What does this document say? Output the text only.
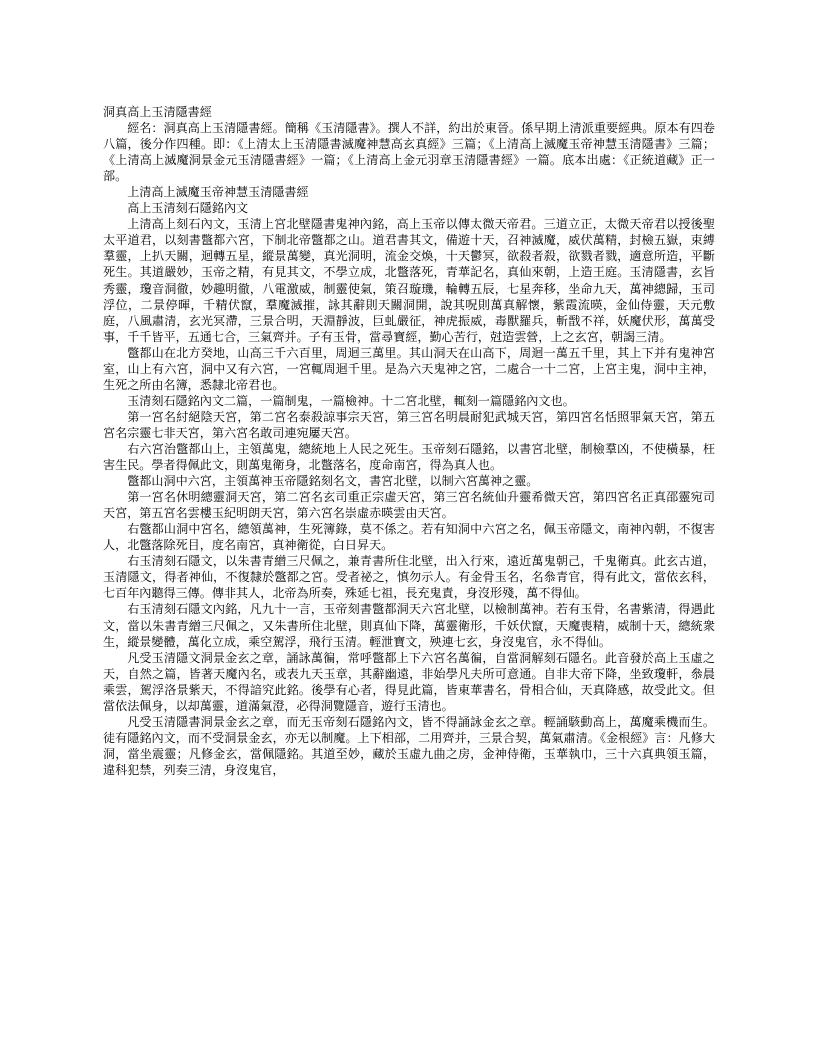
洞真高上玉清隱書經

經名：洞真高上玉清隱書經。簡稱《玉清隱書》。撰人不詳，約出於東晉。係早期上清派重要經典。原本有四卷八篇，後分作四種。即：《上清太上玉清隱書滅魔神慧高玄真經》三篇；《上清高上滅魔玉帝神慧玉清隱書》三篇；《上清高上滅魔洞景金元玉清隱書經》一篇；《上清高上金元羽章玉清隱書經》一篇。底本出處：《正統道藏》正一部。

上清高上滅魔玉帝神慧玉清隱書經

高上玉清刻石隱銘內文

上清高上刻石內文，玉清上宮北壁隱書鬼神內銘，高上玉帝以傳太微天帝君。三道立正，太微天帝君以授後聖太平道君，以刻書鄨都六宮，下制北帝鄨都之山。道君書其文，備遊十天，召神滅魔，威伏萬精，封檢五嶽，束縛羣靈，上扒天關，迴轉五星，縱景萬變，真光洞明，流金交煥，十天鬱冥，欲殺者殺，欲戮者戮，適意所造，平斷死生。其道嚴妙，玉帝之精，有見其文，不學立成，北鄨落死，青華記名，真仙來朝，上造王庭。玉清隱書，玄旨秀靈，瓊音洞徹，妙趣明徹，八電激威，制靈使氣，策召璇璣，輪轉五辰，七星奔移，坐命九天，萬神總歸，玉司浮位，二景停暉，千精伏竄，羣魔滅摧，詠其辭則天關洞開，說其呪則萬真解懷，紫霞流暎，金仙侍靈，天元敷庭，八風肅清，玄光冥滯，三景合明，天淵靜波，巨虬嚴征，神虎振威，毒獸羅兵，斬戬不祥，妖魔伏形，萬萬受事，千千皆平，五通七合，三氣齊并。子有玉骨，當尋寶經，勤心苦行，尅造雲營，上之玄宮，朝謁三清。

鄨都山在北方癸地，山高三千六百里，周迴三萬里。其山洞天在山高下，周迴一萬五千里，其上下并有鬼神宮室，山上有六宮，洞中又有六宮，一宮輒周迴千里。是為六天鬼神之宮，二處合一十二宮，上宮主鬼，洞中主神，生死之所由名簿，悉隸北帝君也。

玉清刻石隱銘內文二篇，一篇制鬼，一篇檢神。十二宮北壁，輒刻一篇隱銘內文也。

第一宮名紂絕陰天宮，第二宮名泰殺諒事宗天宮，第三宮名明晨耐犯武城天宮，第四宮名恬照罪氣天宮，第五宮名宗靈七非天宮，第六宮名敢司連宛屢天宮。

右六宮治鄨都山上，主領萬鬼，總統地上人民之死生。玉帝刻石隱銘，以書宮北壁，制檢羣凶，不使橫暴，枉害生民。學者得佩此文，則萬鬼衛身，北鄨落名，度命南宮，得為真人也。

鄨都山洞中六宮，主領萬神玉帝隱銘刻名文，書宮北壁，以制六宮萬神之靈。

第一宮名休明總靈洞天宮，第二宮名玄司重正宗虛天宮，第三宮名統仙升靈希微天宮，第四宮名正真邵靈宛司天宮，第五宮名雲樓玉紀明朗天宮，第六宮名崇虛赤暎雲由天宮。

右鄨都山洞中宮名，總領萬神，生死簿錄，莫不係之。若有知洞中六宮之名，佩玉帝隱文，南神內朝，不復害人，北鄨落除死目，度名南宮，真神衛從，白日昇天。

右玉清刻石隱文，以朱書青繒三尺佩之，兼青書所住北壁，出入行來，遠近萬鬼朝己，千鬼衛真。此玄古道，玉清隱文，得者神仙，不復隸於鄨都之宮。受者祕之，慎勿示人。有金骨玉名，名叅青官，得有此文，當依玄科，七百年內聽得三傳。傳非其人，北帝為所奏，殊延七祖，長充鬼責，身沒形殘，萬不得仙。

右玉清刻石隱文內銘，凡九十一言，玉帝刻書鄨都洞天六宮北壁，以檢制萬神。若有玉骨，名書紫清，得遇此文，當以朱書青繒三尺佩之，又朱書所住北壁，則真仙下降，萬靈衛形，千妖伏竄，天魔喪精，威制十天，總統衆生，縱景變體，萬化立成，乘空駕浮，飛行玉清。輕泄寶文，殃連七玄，身沒鬼官，永不得仙。

凡受玉清隱文洞景金玄之章，誦詠萬徧，常呼鄨都上下六宮名萬徧，自當洞解刻石隱名。此音發於高上玉虛之天，自然之篇，皆著天魔內名，或表九天玉章，其辭幽遠，非始學凡夫所可意通。自非大帝下降，坐致瓊軒，叅晨乘雲，駕浮洛景紫天，不得諳究此銘。後學有心者，得見此篇，皆東華書名，骨相合仙，天真降感，故受此文。但當依法佩身，以却萬靈，道滿氣澄，必得洞覽隱音，遊行玉清也。

凡受玉清隱書洞景金玄之章，而无玉帝刻石隱銘內文，皆不得誦詠金玄之章。輕誦駭動高上，萬魔乘機而生。徒有隱銘內文，而不受洞景金玄，亦无以制魔。上下相部，二用齊并，三景合契，萬氣肅清。《金根經》言：凡修大洞，當坐震靈；凡修金玄，當佩隱銘。其道至妙，藏於玉虛九曲之房，金神侍衛，玉華執巾，三十六真典領玉篇，違科犯禁，列奏三清，身沒鬼官，
